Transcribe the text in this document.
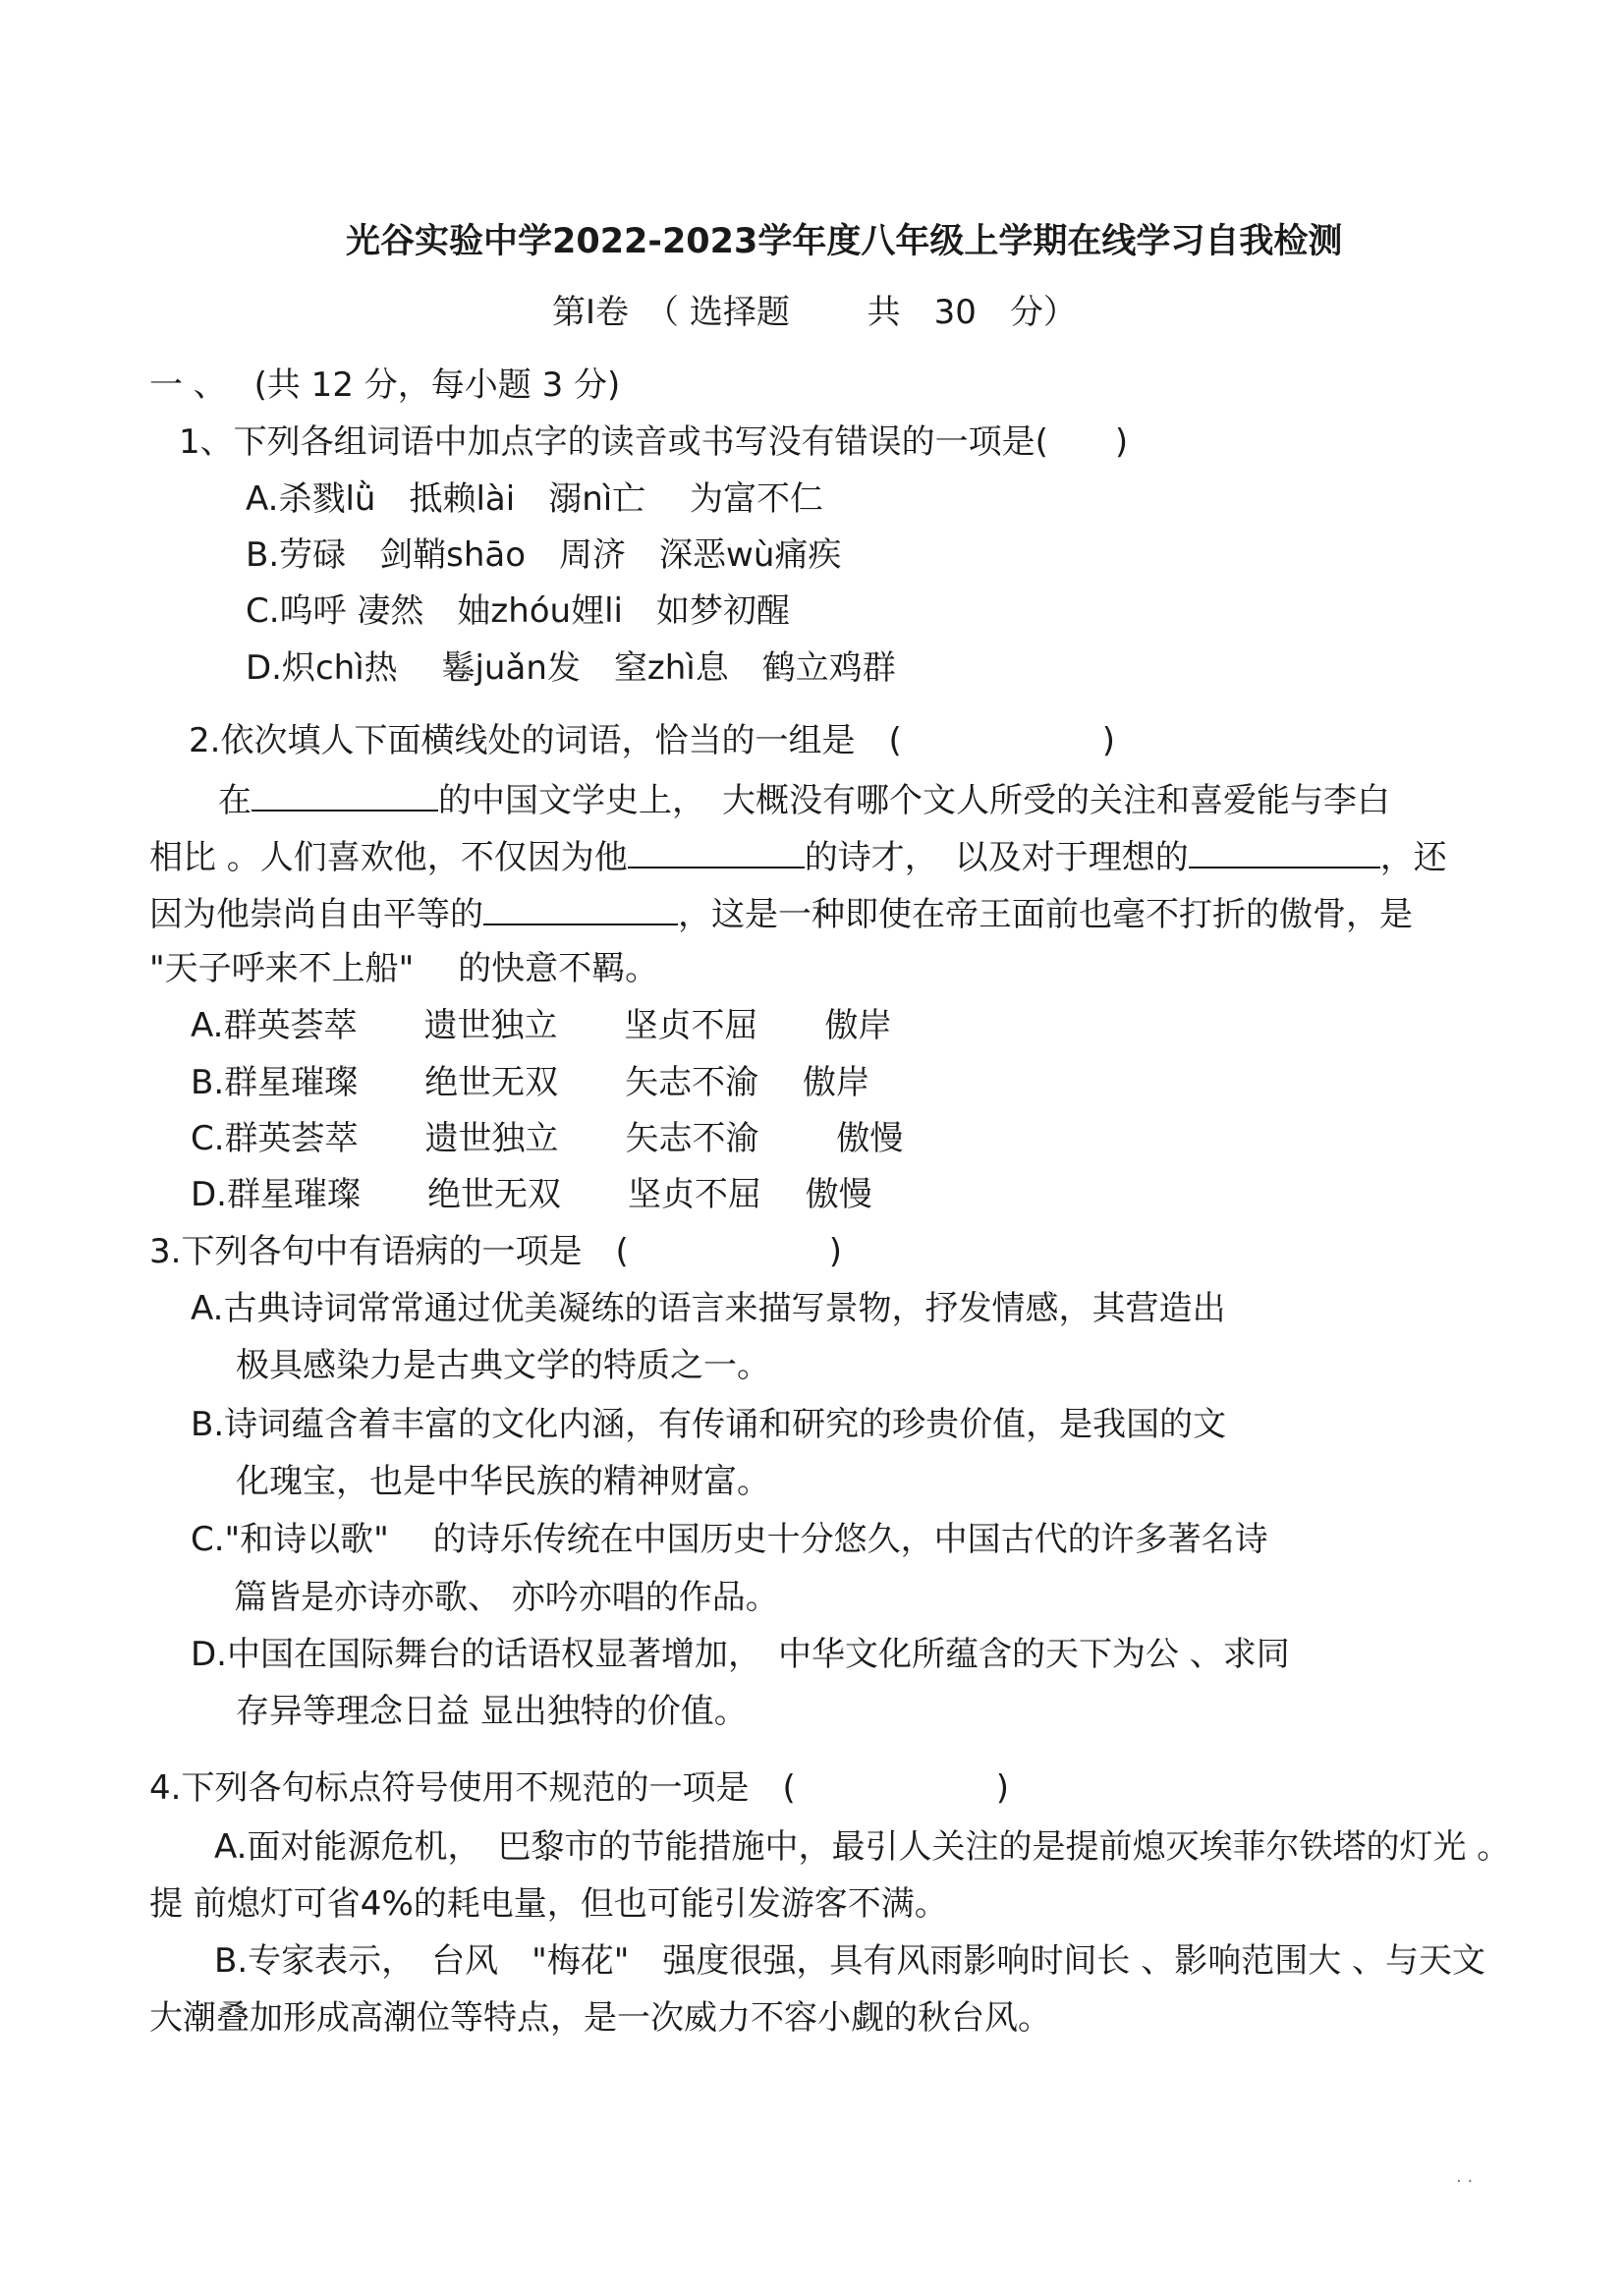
光谷实验中学2022-2023学年度八年级上学期在线学习自我检测
第Ⅰ卷　（ 选择题　　 共　30　分）
一 、　 (共 12 分，每小题 3 分)
1、下列各组词语中加点字的读音或书写没有错误的一项是(　　)
A.杀戮lǜ　抵赖lài　溺nì亡　 为富不仁
B.劳碌　剑鞘shāo　周济　深恶wù痛疾
C.呜呼 凄然　妯zhóu娌li　如梦初醒
D.炽chì热　 鬈juǎn发　窒zhì息　鹤立鸡群
2.依次填人下面横线处的词语，恰当的一组是　(　　　　　　)
在	的中国文学史上，　大概没有哪个文人所受的关注和喜爱能与李白
相比 。人们喜欢他，不仅因为他	的诗才，　以及对于理想的	，还
因为他崇尚自由平等的	，这是一种即使在帝王面前也毫不打折的傲骨，是
"天子呼来不上船"　 的快意不羁。
A.群英荟萃　　遗世独立　　坚贞不屈　　傲岸
B.群星璀璨　　绝世无双　　矢志不渝　 傲岸
C.群英荟萃　　遗世独立　　矢志不渝　　 傲慢
D.群星璀璨　　绝世无双　　坚贞不屈　 傲慢
3.下列各句中有语病的一项是　(　　　　　　)
A.古典诗词常常通过优美凝练的语言来描写景物，抒发情感，其营造出
极具感染力是古典文学的特质之一。
B.诗词蕴含着丰富的文化内涵，有传诵和研究的珍贵价值，是我国的文
化瑰宝，也是中华民族的精神财富。
C."和诗以歌"　 的诗乐传统在中国历史十分悠久，中国古代的许多著名诗
篇皆是亦诗亦歌、 亦吟亦唱的作品。
D.中国在国际舞台的话语权显著增加，　中华文化所蕴含的天下为公 、求同
存异等理念日益 显出独特的价值。
4.下列各句标点符号使用不规范的一项是　(　　　　　　)
A.面对能源危机，　巴黎市的节能措施中，最引人关注的是提前熄灭埃菲尔铁塔的灯光 。
提 前熄灯可省4%的耗电量，但也可能引发游客不满。
B.专家表示，　台风　"梅花"　强度很强，具有风雨影响时间长 、影响范围大 、与天文
大潮叠加形成高潮位等特点，是一次威力不容小觑的秋台风。
· ·
